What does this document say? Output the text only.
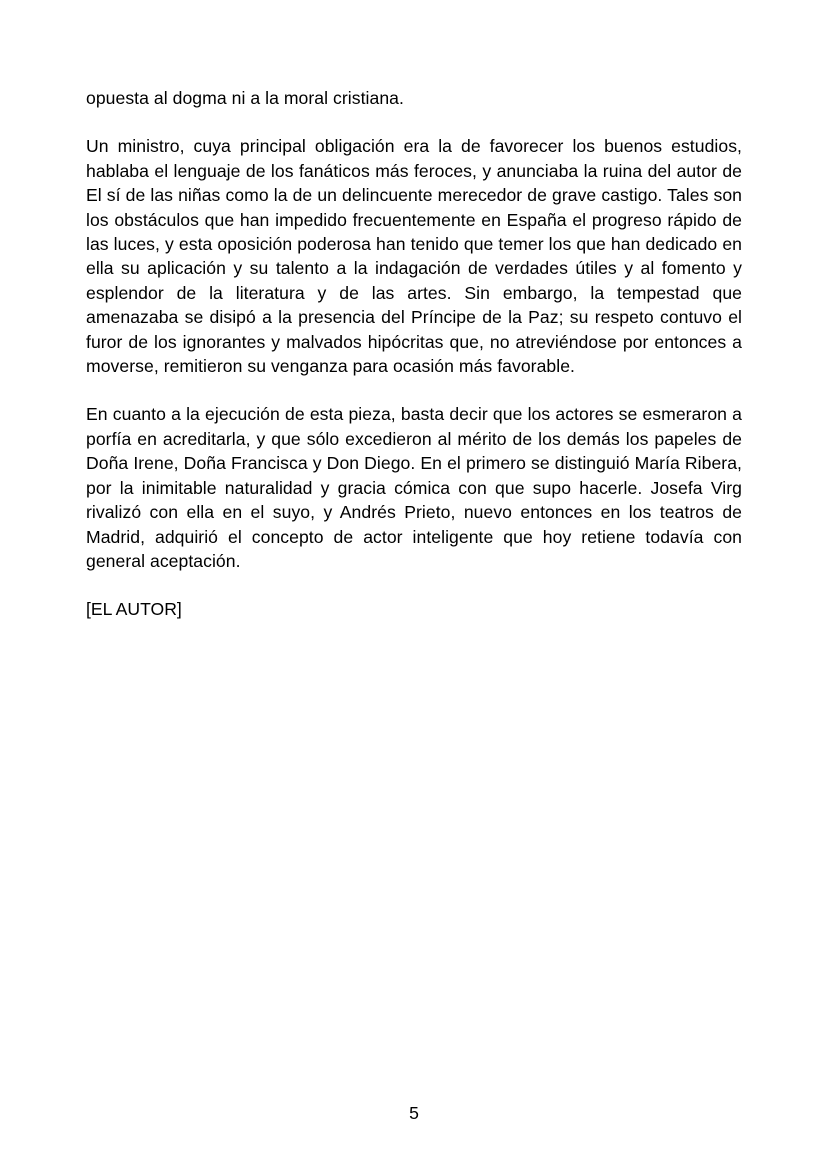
opuesta al dogma ni a la moral cristiana.

Un ministro, cuya principal obligación era la de favorecer los buenos estudios, hablaba el lenguaje de los fanáticos más feroces, y anunciaba la ruina del autor de El sí de las niñas como la de un delincuente merecedor de grave castigo. Tales son los obstáculos que han impedido frecuentemente en España el progreso rápido de las luces, y esta oposición poderosa han tenido que temer los que han dedicado en ella su aplicación y su talento a la indagación de verdades útiles y al fomento y esplendor de la literatura y de las artes. Sin embargo, la tempestad que amenazaba se disipó a la presencia del Príncipe de la Paz; su respeto contuvo el furor de los ignorantes y malvados hipócritas que, no atreviéndose por entonces a moverse, remitieron su venganza para ocasión más favorable.

En cuanto a la ejecución de esta pieza, basta decir que los actores se esmeraron a porfía en acreditarla, y que sólo excedieron al mérito de los demás los papeles de Doña Irene, Doña Francisca y Don Diego. En el primero se distinguió María Ribera, por la inimitable naturalidad y gracia cómica con que supo hacerle. Josefa Virg rivalizó con ella en el suyo, y Andrés Prieto, nuevo entonces en los teatros de Madrid, adquirió el concepto de actor inteligente que hoy retiene todavía con general aceptación.

[EL AUTOR]

5
